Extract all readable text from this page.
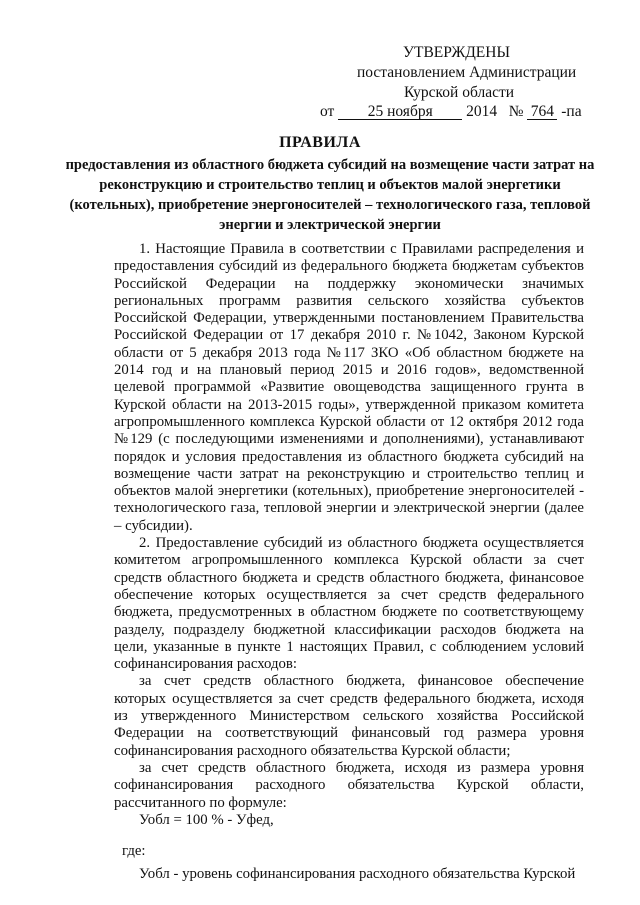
УТВЕРЖДЕНЫ
постановлением Администрации
Курской области
от 25 ноября 2014 № 764 -па
ПРАВИЛА
предоставления из областного бюджета субсидий на возмещение части затрат на реконструкцию и строительство теплиц и объектов малой энергетики (котельных), приобретение энергоносителей – технологического газа, тепловой энергии и электрической энергии

1. Настоящие Правила в соответствии с Правилами распределения и предоставления субсидий из федерального бюджета бюджетам субъектов Российской Федерации на поддержку экономически значимых региональных программ развития сельского хозяйства субъектов Российской Федерации, утвержденными постановлением Правительства Российской Федерации от 17 декабря 2010 г. №1042, Законом Курской области от 5 декабря 2013 года №117 ЗКО «Об областном бюджете на 2014 год и на плановый период 2015 и 2016 годов», ведомственной целевой программой «Развитие овощеводства защищенного грунта в Курской области на 2013-2015 годы», утвержденной приказом комитета агропромышленного комплекса Курской области от 12 октября 2012 года №129 (с последующими изменениями и дополнениями), устанавливают порядок и условия предоставления из областного бюджета субсидий на возмещение части затрат на реконструкцию и строительство теплиц и объектов малой энергетики (котельных), приобретение энергоносителей - технологического газа, тепловой энергии и электрической энергии (далее – субсидии).

2. Предоставление субсидий из областного бюджета осуществляется комитетом агропромышленного комплекса Курской области за счет средств областного бюджета и средств областного бюджета, финансовое обеспечение которых осуществляется за счет средств федерального бюджета, предусмотренных в областном бюджете по соответствующему разделу, подразделу бюджетной классификации расходов бюджета на цели, указанные в пункте 1 настоящих Правил, с соблюдением условий софинансирования расходов:

за счет средств областного бюджета, финансовое обеспечение которых осуществляется за счет средств федерального бюджета, исходя из утвержденного Министерством сельского хозяйства Российской Федерации на соответствующий финансовый год размера уровня софинансирования расходного обязательства Курской области;

за счет средств областного бюджета, исходя из размера уровня софинансирования расходного обязательства Курской области, рассчитанного по формуле:

Уобл = 100 % - Уфед,

где:

Уобл - уровень софинансирования расходного обязательства Курской
